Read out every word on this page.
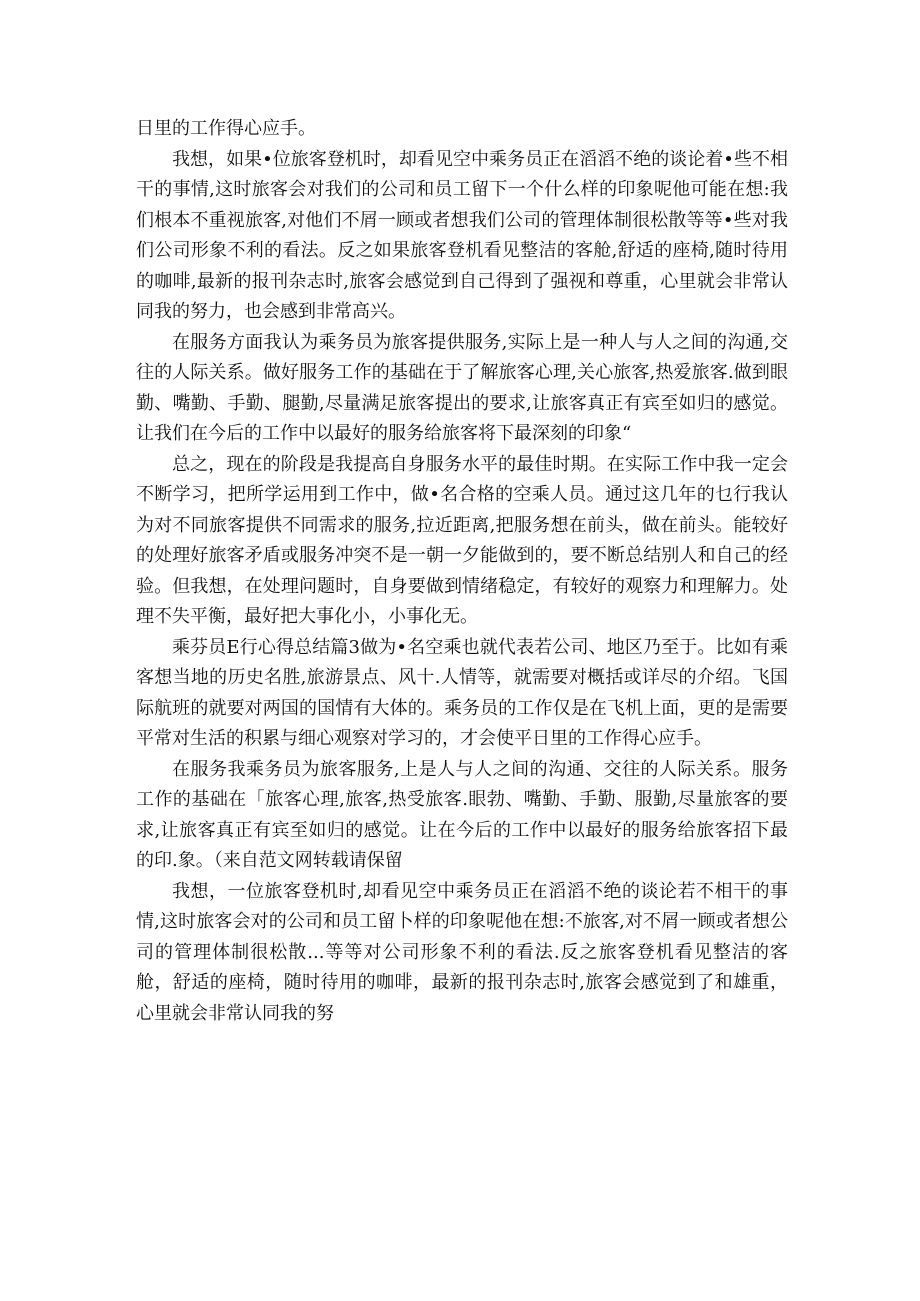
日里的工作得心应手。

我想，如果•位旅客登机时，却看见空中乘务员正在滔滔不绝的谈论着•些不相干的事情,这时旅客会对我们的公司和员工留下一个什么样的印象呢他可能在想:我们根本不重视旅客,对他们不屑一顾或者想我们公司的管理体制很松散等等•些对我们公司形象不利的看法。反之如果旅客登机看见整洁的客舱,舒适的座椅,随时待用的咖啡,最新的报刊杂志时,旅客会感觉到自己得到了强视和尊重，心里就会非常认同我的努力，也会感到非常高兴。

在服务方面我认为乘务员为旅客提供服务,实际上是一种人与人之间的沟通,交往的人际关系。做好服务工作的基础在于了解旅客心理,关心旅客,热爱旅客.做到眼勤、嘴勤、手勤、腿勤,尽量满足旅客提出的要求,让旅客真正有宾至如归的感觉。让我们在今后的工作中以最好的服务给旅客将下最深刻的印象“

总之，现在的阶段是我提高自身服务水平的最佳时期。在实际工作中我一定会不断学习，把所学运用到工作中，做•名合格的空乘人员。通过这几年的乜行我认为对不同旅客提供不同需求的服务,拉近距离,把服务想在前头，做在前头。能较好的处理好旅客矛盾或服务冲突不是一朝一夕能做到的，要不断总结别人和自己的经验。但我想，在处理问题时，自身要做到情绪稳定，有较好的观察力和理解力。处理不失平衡，最好把大事化小，小事化无。

乘芬员E行心得总结篇3做为•名空乘也就代表若公司、地区乃至于。比如有乘客想当地的历史名胜,旅游景点、风十.人情等，就需要对概括或详尽的介绍。飞国际航班的就要对两国的国情有大体的。乘务员的工作仅是在飞机上面，更的是需要平常对生活的积累与细心观察对学习的，才会使平日里的工作得心应手。

在服务我乘务员为旅客服务,上是人与人之间的沟通、交往的人际关系。服务工作的基础在「旅客心理,旅客,热受旅客.眼勃、嘴勤、手勤、服勤,尽量旅客的要求,让旅客真正有宾至如归的感觉。让在今后的工作中以最好的服务给旅客招下最的印.象。（来自范文网转载请保留

我想，一位旅客登机时,却看见空中乘务员正在滔滔不绝的谈论若不相干的事情,这时旅客会对的公司和员工留卜样的印象呢他在想:不旅客,对不屑一顾或者想公司的管理体制很松散...等等对公司形象不利的看法.反之旅客登机看见整洁的客舱，舒适的座椅，随时待用的咖啡，最新的报刊杂志时,旅客会感觉到了和雄重，心里就会非常认同我的努
